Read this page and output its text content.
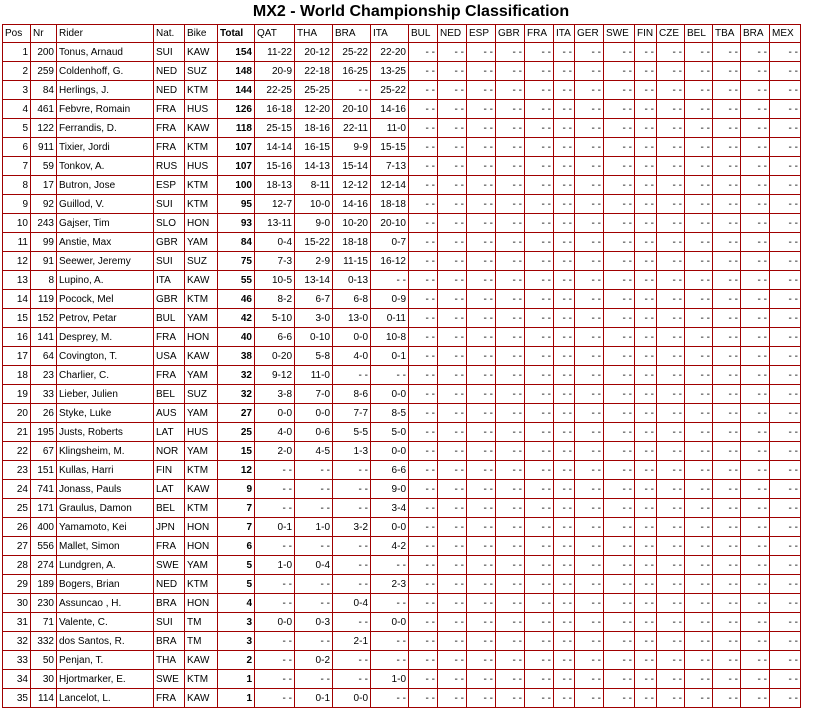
MX2 - World Championship Classification
Pos	Nr	Rider	Nat.	Bike	Total	QAT	THA	BRA	ITA	BUL	NED	ESP	GBR	FRA	ITA	GER	SWE	FIN	CZE	BEL	TBA	BRA	MEX
1	200	Tonus, Arnaud	SUI	KAW	154	11-22	20-12	25-22	22-20	- -	- -	- -	- -	- -	- -	- -	- -	- -	- -	- -	- -	- -	- -
2	259	Coldenhoff, G.	NED	SUZ	148	20-9	22-18	16-25	13-25	- -	- -	- -	- -	- -	- -	- -	- -	- -	- -	- -	- -	- -	- -
3	84	Herlings, J.	NED	KTM	144	22-25	25-25	- -	25-22	- -	- -	- -	- -	- -	- -	- -	- -	- -	- -	- -	- -	- -	- -
4	461	Febvre, Romain	FRA	HUS	126	16-18	12-20	20-10	14-16	- -	- -	- -	- -	- -	- -	- -	- -	- -	- -	- -	- -	- -	- -
5	122	Ferrandis, D.	FRA	KAW	118	25-15	18-16	22-11	11-0	- -	- -	- -	- -	- -	- -	- -	- -	- -	- -	- -	- -	- -	- -
6	911	Tixier, Jordi	FRA	KTM	107	14-14	16-15	9-9	15-15	- -	- -	- -	- -	- -	- -	- -	- -	- -	- -	- -	- -	- -	- -
7	59	Tonkov, A.	RUS	HUS	107	15-16	14-13	15-14	7-13	- -	- -	- -	- -	- -	- -	- -	- -	- -	- -	- -	- -	- -	- -
8	17	Butron, Jose	ESP	KTM	100	18-13	8-11	12-12	12-14	- -	- -	- -	- -	- -	- -	- -	- -	- -	- -	- -	- -	- -	- -
9	92	Guillod, V.	SUI	KTM	95	12-7	10-0	14-16	18-18	- -	- -	- -	- -	- -	- -	- -	- -	- -	- -	- -	- -	- -	- -
10	243	Gajser, Tim	SLO	HON	93	13-11	9-0	10-20	20-10	- -	- -	- -	- -	- -	- -	- -	- -	- -	- -	- -	- -	- -	- -
11	99	Anstie, Max	GBR	YAM	84	0-4	15-22	18-18	0-7	- -	- -	- -	- -	- -	- -	- -	- -	- -	- -	- -	- -	- -	- -
12	91	Seewer, Jeremy	SUI	SUZ	75	7-3	2-9	11-15	16-12	- -	- -	- -	- -	- -	- -	- -	- -	- -	- -	- -	- -	- -	- -
13	8	Lupino, A.	ITA	KAW	55	10-5	13-14	0-13	- -	- -	- -	- -	- -	- -	- -	- -	- -	- -	- -	- -	- -	- -	- -
14	119	Pocock, Mel	GBR	KTM	46	8-2	6-7	6-8	0-9	- -	- -	- -	- -	- -	- -	- -	- -	- -	- -	- -	- -	- -	- -
15	152	Petrov, Petar	BUL	YAM	42	5-10	3-0	13-0	0-11	- -	- -	- -	- -	- -	- -	- -	- -	- -	- -	- -	- -	- -	- -
16	141	Desprey, M.	FRA	HON	40	6-6	0-10	0-0	10-8	- -	- -	- -	- -	- -	- -	- -	- -	- -	- -	- -	- -	- -	- -
17	64	Covington, T.	USA	KAW	38	0-20	5-8	4-0	0-1	- -	- -	- -	- -	- -	- -	- -	- -	- -	- -	- -	- -	- -	- -
18	23	Charlier, C.	FRA	YAM	32	9-12	11-0	- -	- -	- -	- -	- -	- -	- -	- -	- -	- -	- -	- -	- -	- -	- -	- -
19	33	Lieber, Julien	BEL	SUZ	32	3-8	7-0	8-6	0-0	- -	- -	- -	- -	- -	- -	- -	- -	- -	- -	- -	- -	- -	- -
20	26	Styke, Luke	AUS	YAM	27	0-0	0-0	7-7	8-5	- -	- -	- -	- -	- -	- -	- -	- -	- -	- -	- -	- -	- -	- -
21	195	Justs, Roberts	LAT	HUS	25	4-0	0-6	5-5	5-0	- -	- -	- -	- -	- -	- -	- -	- -	- -	- -	- -	- -	- -	- -
22	67	Klingsheim, M.	NOR	YAM	15	2-0	4-5	1-3	0-0	- -	- -	- -	- -	- -	- -	- -	- -	- -	- -	- -	- -	- -	- -
23	151	Kullas, Harri	FIN	KTM	12	- -	- -	- -	6-6	- -	- -	- -	- -	- -	- -	- -	- -	- -	- -	- -	- -	- -	- -
24	741	Jonass, Pauls	LAT	KAW	9	- -	- -	- -	9-0	- -	- -	- -	- -	- -	- -	- -	- -	- -	- -	- -	- -	- -	- -
25	171	Graulus, Damon	BEL	KTM	7	- -	- -	- -	3-4	- -	- -	- -	- -	- -	- -	- -	- -	- -	- -	- -	- -	- -	- -
26	400	Yamamoto, Kei	JPN	HON	7	0-1	1-0	3-2	0-0	- -	- -	- -	- -	- -	- -	- -	- -	- -	- -	- -	- -	- -	- -
27	556	Mallet, Simon	FRA	HON	6	- -	- -	- -	4-2	- -	- -	- -	- -	- -	- -	- -	- -	- -	- -	- -	- -	- -	- -
28	274	Lundgren, A.	SWE	YAM	5	1-0	0-4	- -	- -	- -	- -	- -	- -	- -	- -	- -	- -	- -	- -	- -	- -	- -	- -
29	189	Bogers, Brian	NED	KTM	5	- -	- -	- -	2-3	- -	- -	- -	- -	- -	- -	- -	- -	- -	- -	- -	- -	- -	- -
30	230	Assuncao , H.	BRA	HON	4	- -	- -	0-4	- -	- -	- -	- -	- -	- -	- -	- -	- -	- -	- -	- -	- -	- -	- -
31	71	Valente, C.	SUI	TM	3	0-0	0-3	- -	0-0	- -	- -	- -	- -	- -	- -	- -	- -	- -	- -	- -	- -	- -	- -
32	332	dos Santos, R.	BRA	TM	3	- -	- -	2-1	- -	- -	- -	- -	- -	- -	- -	- -	- -	- -	- -	- -	- -	- -	- -
33	50	Penjan, T.	THA	KAW	2	- -	0-2	- -	- -	- -	- -	- -	- -	- -	- -	- -	- -	- -	- -	- -	- -	- -	- -
34	30	Hjortmarker, E.	SWE	KTM	1	- -	- -	- -	1-0	- -	- -	- -	- -	- -	- -	- -	- -	- -	- -	- -	- -	- -	- -
35	114	Lancelot, L.	FRA	KAW	1	- -	0-1	0-0	- -	- -	- -	- -	- -	- -	- -	- -	- -	- -	- -	- -	- -	- -	- -
